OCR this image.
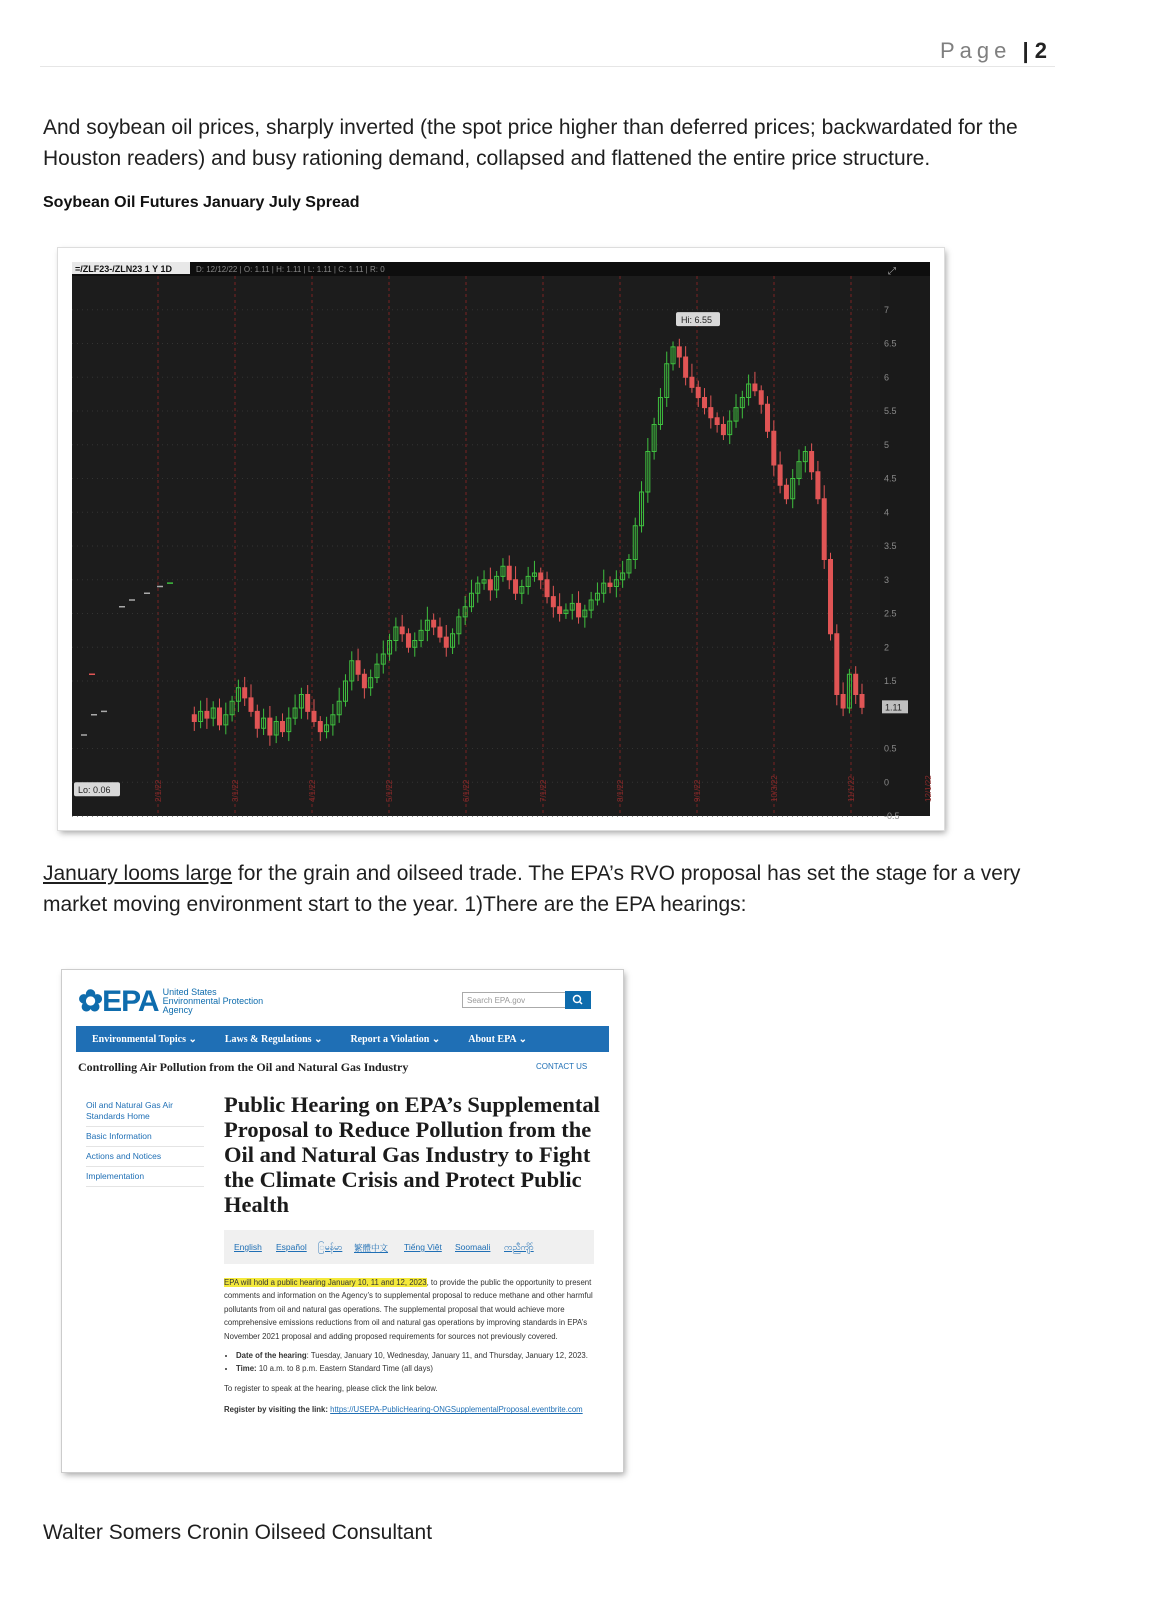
Page | 2
And soybean oil prices, sharply inverted (the spot price higher than deferred prices; backwardated for the Houston readers) and busy rationing demand, collapsed and flattened the entire price structure.
Soybean Oil Futures January July Spread
=/ZLF23-/ZLN23 1 Y 1D	D: 12/12/22 | O: 1.11 | H: 1.11 | L: 1.11 | C: 1.11 | R: 0
7
6.5
6
5.5
5
4.5
4
3.5
3
2.5
2
1.5
0.5
0
-0.5
2/1/22	3/1/22	4/1/22	5/1/22	6/1/22	7/1/22	8/1/22	9/1/22	10/3/22	11/1/22	12/1/22
Hi: 6.55
Lo: 0.06
1.11
⤢
January looms large for the grain and oilseed trade. The EPA’s RVO proposal has set the stage for a very market moving environment start to the year. 1)There are the EPA hearings:
✿EPA United States Environmental Protection Agency
Search EPA.gov
Environmental Topics ⌄	Laws & Regulations ⌄	Report a Violation ⌄	About EPA ⌄
Controlling Air Pollution from the Oil and Natural Gas Industry	CONTACT US
Oil and Natural Gas Air Standards Home
Basic Information
Actions and Notices
Implementation
Public Hearing on EPA’s Supplemental Proposal to Reduce Pollution from the Oil and Natural Gas Industry to Fight the Climate Crisis and Protect Public Health
English Español ြမန်မာ 繁體中文 Tiếng Việt Soomaali ကညီကျိာ်
EPA will hold a public hearing January 10, 11 and 12, 2023, to provide the public the opportunity to present comments and information on the Agency’s to supplemental proposal to reduce methane and other harmful pollutants from oil and natural gas operations. The supplemental proposal that would achieve more comprehensive emissions reductions from oil and natural gas operations by improving standards in EPA’s November 2021 proposal and adding proposed requirements for sources not previously covered.
• Date of the hearing: Tuesday, January 10, Wednesday, January 11, and Thursday, January 12, 2023.
• Time: 10 a.m. to 8 p.m. Eastern Standard Time (all days)
To register to speak at the hearing, please click the link below.
Register by visiting the link: https://USEPA-PublicHearing-ONGSupplementalProposal.eventbrite.com
Walter Somers Cronin Oilseed Consultant
